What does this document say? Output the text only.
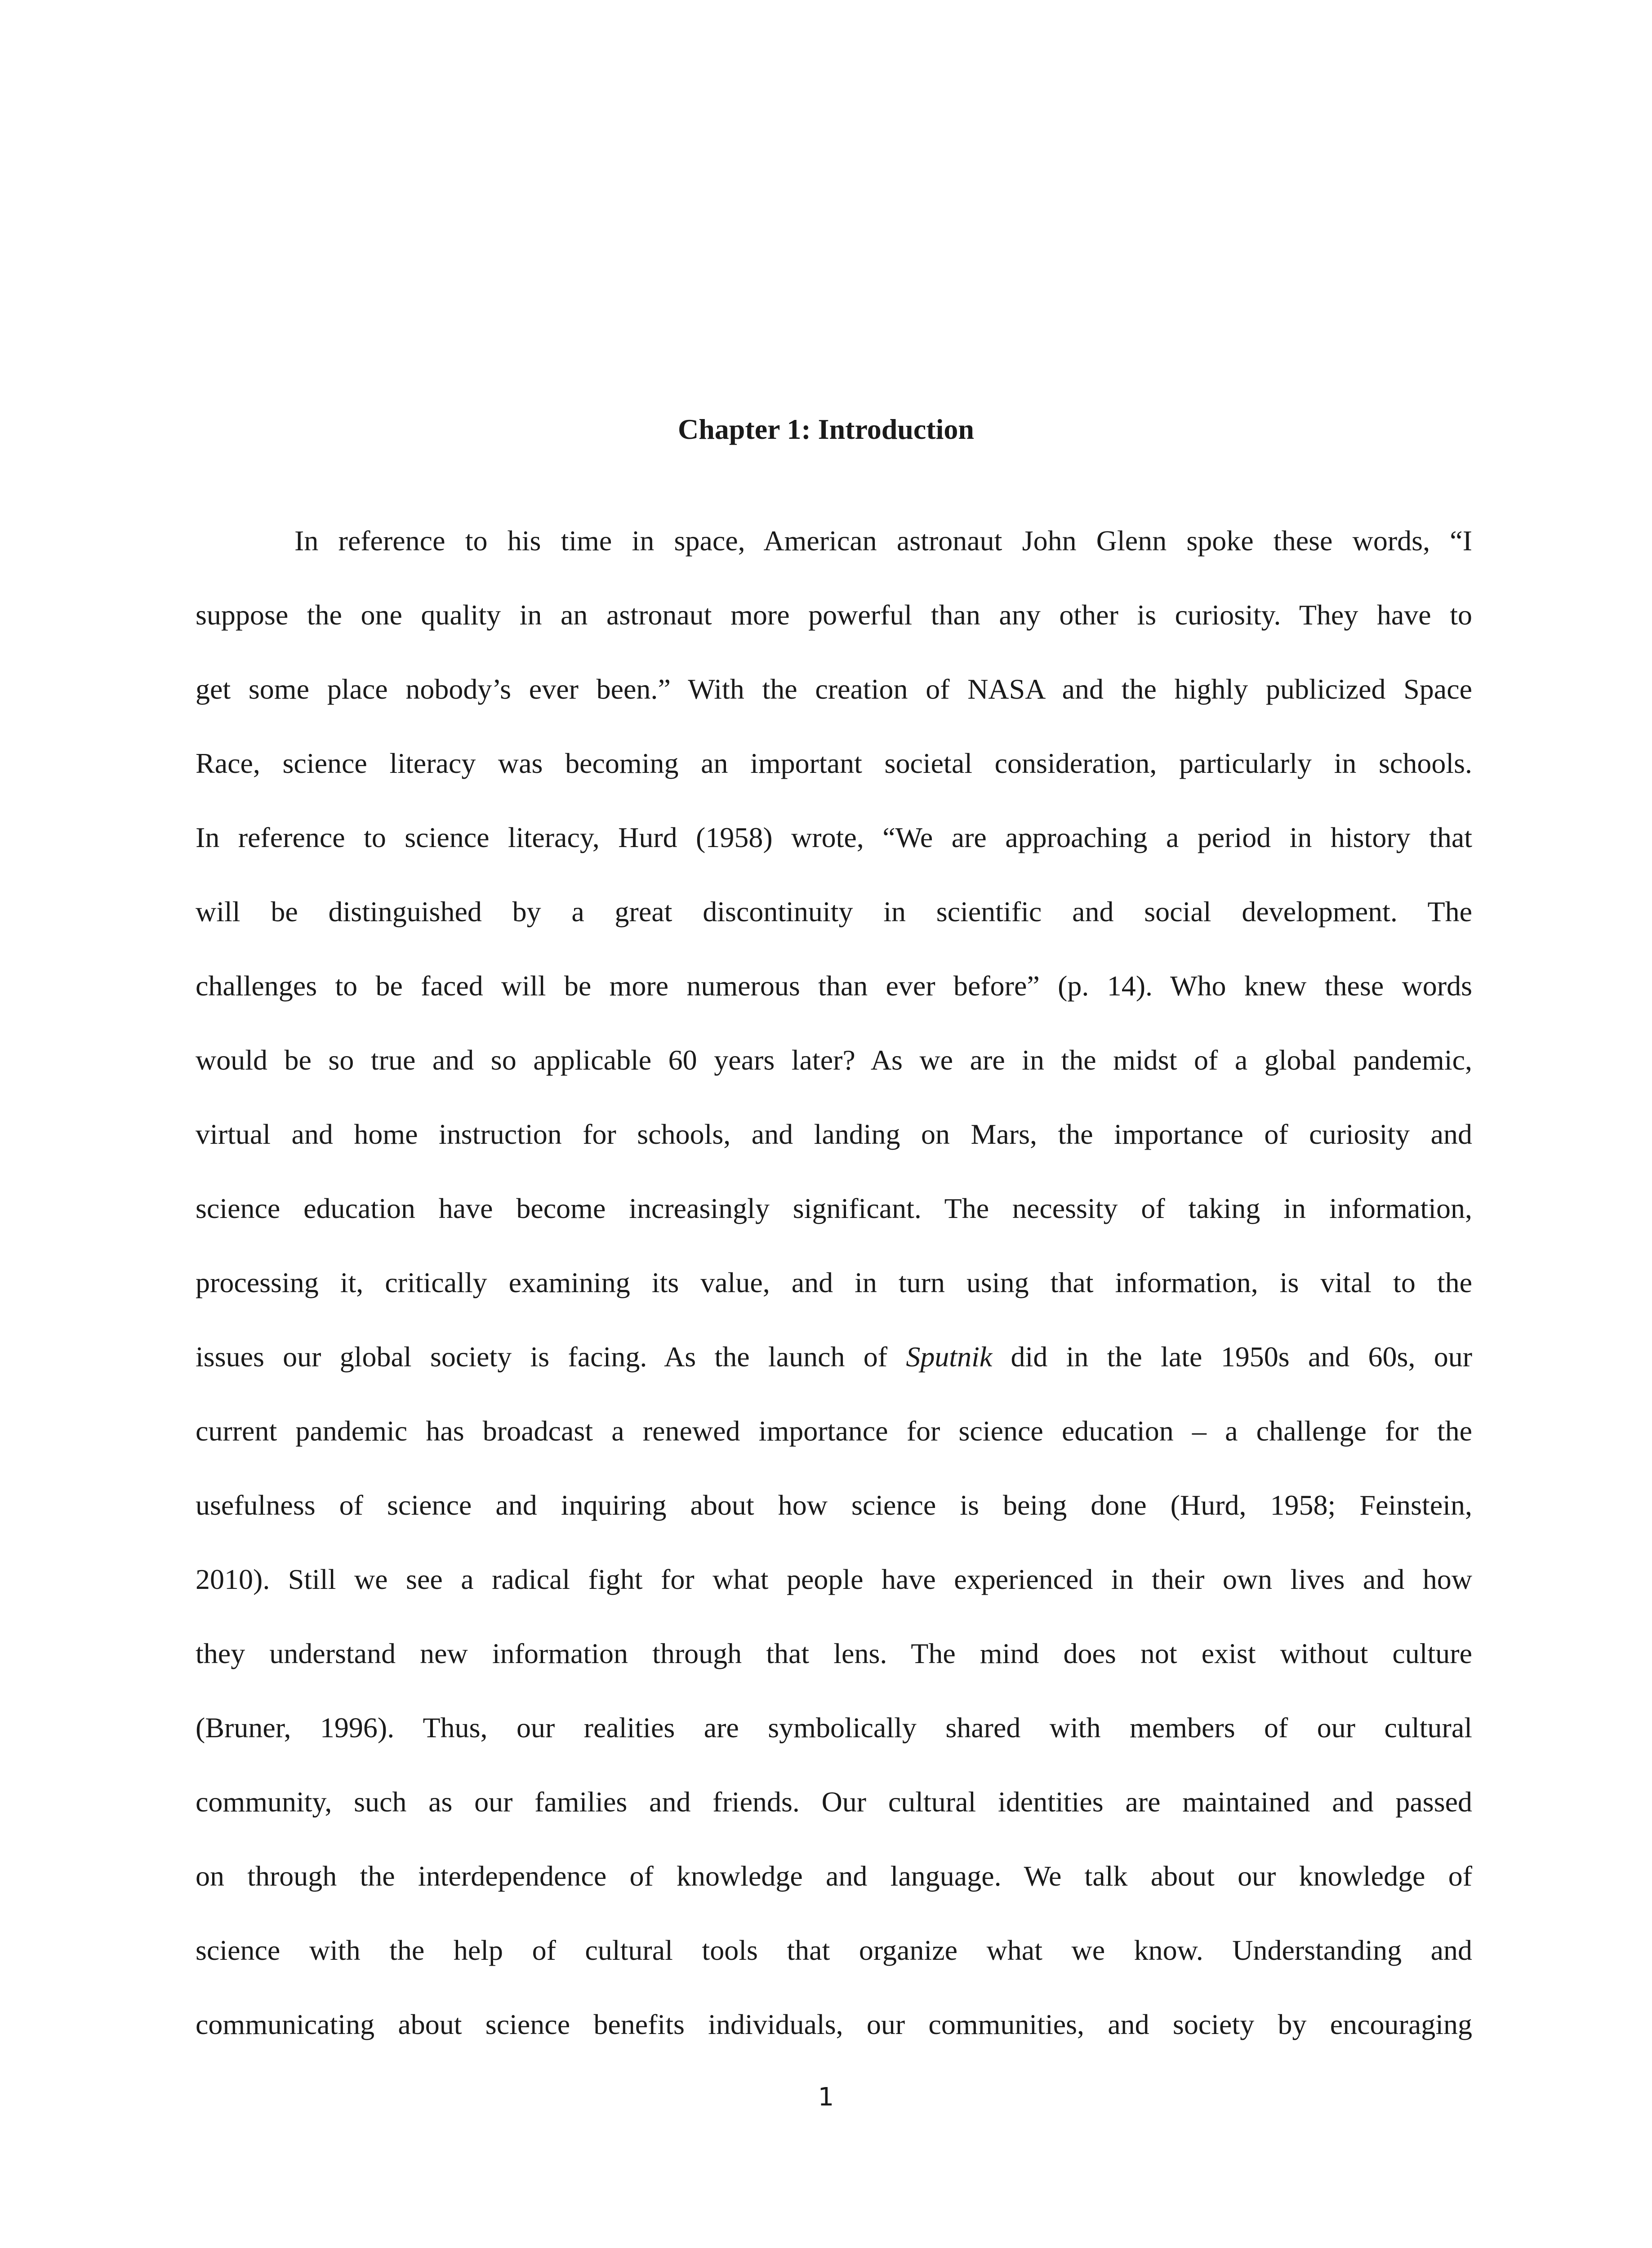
Chapter 1: Introduction
In reference to his time in space, American astronaut John Glenn spoke these words, “I
suppose the one quality in an astronaut more powerful than any other is curiosity. They have to
get some place nobody’s ever been.” With the creation of NASA and the highly publicized Space
Race, science literacy was becoming an important societal consideration, particularly in schools.
In reference to science literacy, Hurd (1958) wrote, “We are approaching a period in history that
will be distinguished by a great discontinuity in scientific and social development. The
challenges to be faced will be more numerous than ever before” (p. 14). Who knew these words
would be so true and so applicable 60 years later? As we are in the midst of a global pandemic,
virtual and home instruction for schools, and landing on Mars, the importance of curiosity and
science education have become increasingly significant. The necessity of taking in information,
processing it, critically examining its value, and in turn using that information, is vital to the
issues our global society is facing. As the launch of Sputnik did in the late 1950s and 60s, our
current pandemic has broadcast a renewed importance for science education – a challenge for the
usefulness of science and inquiring about how science is being done (Hurd, 1958; Feinstein,
2010). Still we see a radical fight for what people have experienced in their own lives and how
they understand new information through that lens. The mind does not exist without culture
(Bruner, 1996). Thus, our realities are symbolically shared with members of our cultural
community, such as our families and friends. Our cultural identities are maintained and passed
on through the interdependence of knowledge and language. We talk about our knowledge of
science with the help of cultural tools that organize what we know. Understanding and
communicating about science benefits individuals, our communities, and society by encouraging
1
